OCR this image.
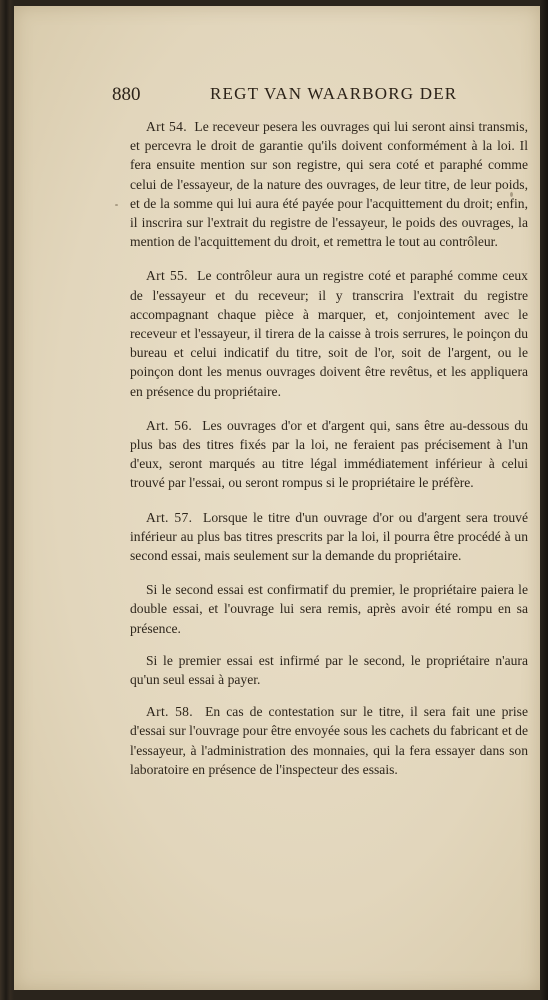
880	REGT VAN WAARBORG DER

Art 54. Le receveur pesera les ouvrages qui lui seront ainsi transmis, et percevra le droit de garantie qu'ils doivent conformément à la loi. Il fera ensuite mention sur son registre, qui sera coté et paraphé comme celui de l'essayeur, de la nature des ouvrages, de leur titre, de leur poids, et de la somme qui lui aura été payée pour l'acquittement du droit; enfin, il inscrira sur l'extrait du registre de l'essayeur, le poids des ouvrages, la mention de l'acquittement du droit, et remettra le tout au contrôleur.

Art 55. Le contrôleur aura un registre coté et paraphé comme ceux de l'essayeur et du receveur; il y transcrira l'extrait du registre accompagnant chaque pièce à marquer, et, conjointement avec le receveur et l'essayeur, il tirera de la caisse à trois serrures, le poinçon du bureau et celui indicatif du titre, soit de l'or, soit de l'argent, ou le poinçon dont les menus ouvrages doivent être revêtus, et les appliquera en présence du propriétaire.

Art. 56. Les ouvrages d'or et d'argent qui, sans être au-dessous du plus bas des titres fixés par la loi, ne feraient pas précisement à l'un d'eux, seront marqués au titre légal immédiatement inférieur à celui trouvé par l'essai, ou seront rompus si le propriétaire le préfère.

Art. 57. Lorsque le titre d'un ouvrage d'or ou d'argent sera trouvé inférieur au plus bas titres prescrits par la loi, il pourra être procédé à un second essai, mais seulement sur la demande du propriétaire.

Si le second essai est confirmatif du premier, le propriétaire paiera le double essai, et l'ouvrage lui sera remis, après avoir été rompu en sa présence.

Si le premier essai est infirmé par le second, le propriétaire n'aura qu'un seul essai à payer.

Art. 58. En cas de contestation sur le titre, il sera fait une prise d'essai sur l'ouvrage pour être envoyée sous les cachets du fabricant et de l'essayeur, à l'administration des monnaies, qui la fera essayer dans son laboratoire en présence de l'inspecteur des essais.
